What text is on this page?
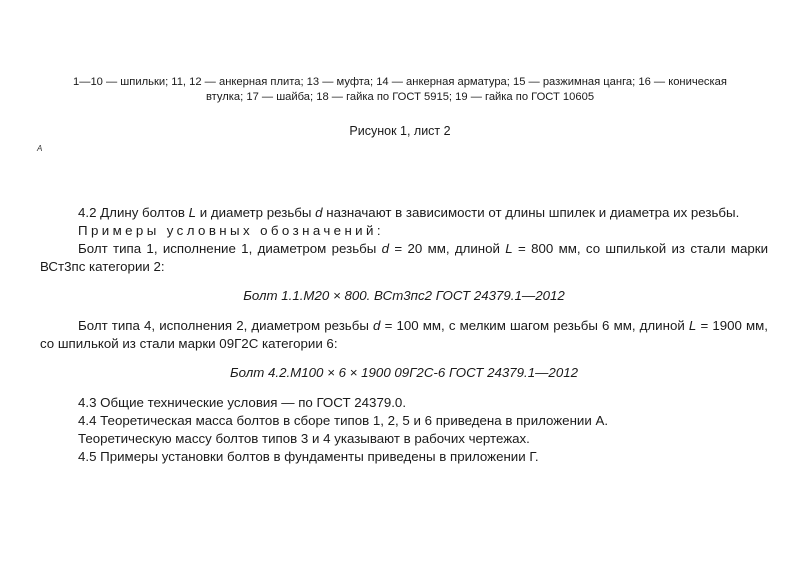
1—10 — шпильки; 11, 12 — анкерная плита; 13 — муфта; 14 — анкерная арматура; 15 — разжимная цанга; 16 — коническая
втулка; 17 — шайба; 18 — гайка по ГОСТ 5915; 19 — гайка по ГОСТ 10605
Рисунок 1, лист 2
А

4.2 Длину болтов L и диаметр резьбы d назначают в зависимости от длины шпилек и диаметра их резьбы.

Примеры условных обозначений:

Болт типа 1, исполнение 1, диаметром резьбы d = 20 мм, длиной L = 800 мм, со шпилькой из стали марки ВСт3пс категории 2:

Болт 1.1.М20 × 800. ВСт3пс2 ГОСТ 24379.1—2012

Болт типа 4, исполнения 2, диаметром резьбы d = 100 мм, с мелким шагом резьбы 6 мм, длиной L = 1900 мм, со шпилькой из стали марки 09Г2С категории 6:

Болт 4.2.М100 × 6 × 1900 09Г2С-6 ГОСТ 24379.1—2012

4.3 Общие технические условия — по ГОСТ 24379.0.

4.4 Теоретическая масса болтов в сборе типов 1, 2, 5 и 6 приведена в приложении А.

Теоретическую массу болтов типов 3 и 4 указывают в рабочих чертежах.

4.5 Примеры установки болтов в фундаменты приведены в приложении Г.
